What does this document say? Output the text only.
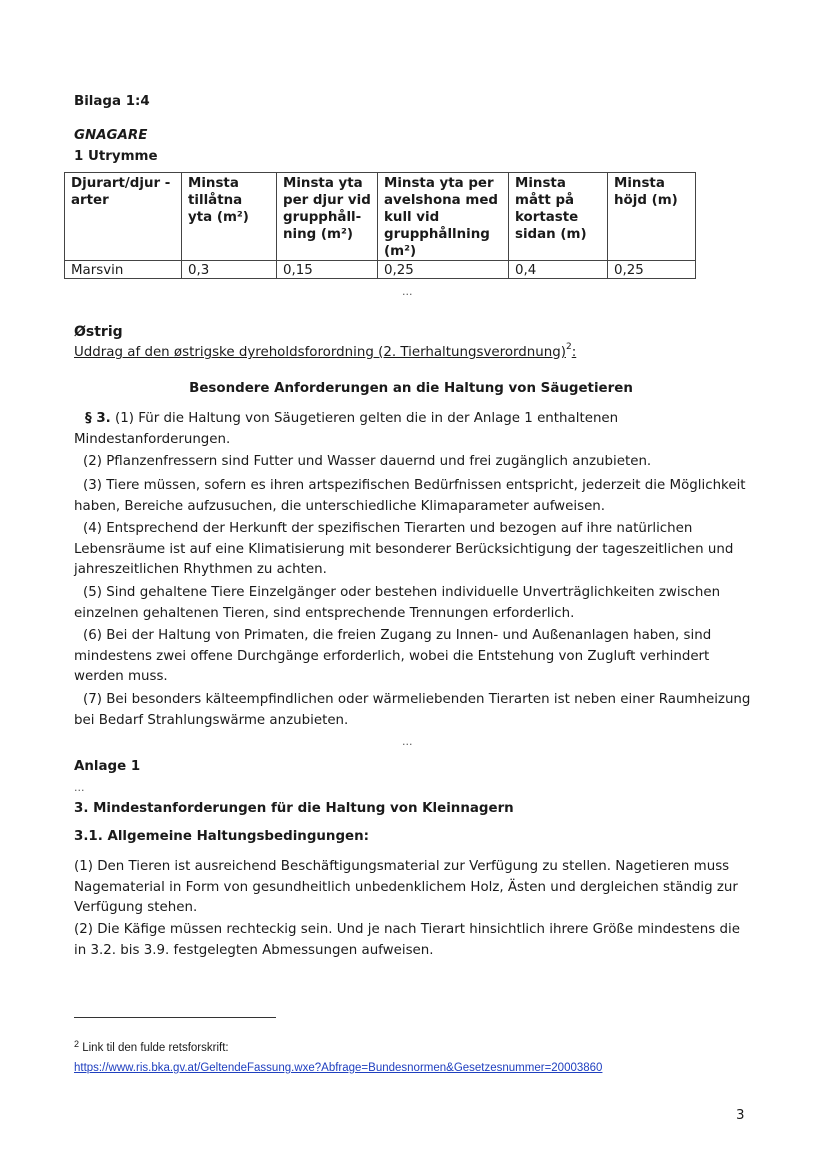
Bilaga 1:4
GNAGARE
1 Utrymme
Djurart/djur -arter	Minsta tillåtna yta (m²)	Minsta yta per djur vid grupphåll- ning (m²)	Minsta yta per avelshona med kull vid grupphållning (m²)	Minsta mått på kortaste sidan (m)	Minsta höjd (m)
Marsvin	0,3	0,15	0,25	0,4	0,25
...
Østrig
Uddrag af den østrigske dyreholdsforordning (2. Tierhaltungsverordnung)$^2$:
Besondere Anforderungen an die Haltung von Säugetieren
§ 3. (1) Für die Haltung von Säugetieren gelten die in der Anlage 1 enthaltenen Mindestanforderungen.
(2) Pflanzenfressern sind Futter und Wasser dauernd und frei zugänglich anzubieten.
(3) Tiere müssen, sofern es ihren artspezifischen Bedürfnissen entspricht, jederzeit die Möglichkeit haben, Bereiche aufzusuchen, die unterschiedliche Klimaparameter aufweisen.
(4) Entsprechend der Herkunft der spezifischen Tierarten und bezogen auf ihre natürlichen Lebensräume ist auf eine Klimatisierung mit besonderer Berücksichtigung der tageszeitlichen und jahreszeitlichen Rhythmen zu achten.
(5) Sind gehaltene Tiere Einzelgänger oder bestehen individuelle Unverträglichkeiten zwischen einzelnen gehaltenen Tieren, sind entsprechende Trennungen erforderlich.
(6) Bei der Haltung von Primaten, die freien Zugang zu Innen- und Außenanlagen haben, sind mindestens zwei offene Durchgänge erforderlich, wobei die Entstehung von Zugluft verhindert werden muss.
(7) Bei besonders kälteempfindlichen oder wärmeliebenden Tierarten ist neben einer Raumheizung bei Bedarf Strahlungswärme anzubieten.
...
Anlage 1
...
3. Mindestanforderungen für die Haltung von Kleinnagern
3.1. Allgemeine Haltungsbedingungen:
(1) Den Tieren ist ausreichend Beschäftigungsmaterial zur Verfügung zu stellen. Nagetieren muss Nagematerial in Form von gesundheitlich unbedenklichem Holz, Ästen und dergleichen ständig zur Verfügung stehen.
(2) Die Käfige müssen rechteckig sein. Und je nach Tierart hinsichtlich ihrere Größe mindestens die in 3.2. bis 3.9. festgelegten Abmessungen aufweisen.
$^2$ Link til den fulde retsforskrift:
https://www.ris.bka.gv.at/GeltendeFassung.wxe?Abfrage=Bundesnormen&Gesetzesnummer=20003860
3
